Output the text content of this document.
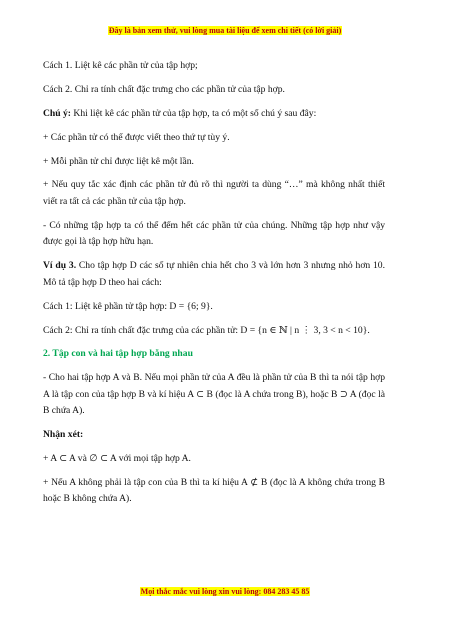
Đây là bản xem thử, vui lòng mua tài liệu để xem chi tiết (có lời giải)

Cách 1. Liệt kê các phần tử của tập hợp;

Cách 2. Chỉ ra tính chất đặc trưng cho các phần tử của tập hợp.

Chú ý: Khi liệt kê các phần tử của tập hợp, ta có một số chú ý sau đây:

+ Các phần tử có thể được viết theo thứ tự tùy ý.

+ Mỗi phần tử chỉ được liệt kê một lần.

+ Nếu quy tắc xác định các phần tử đủ rõ thì người ta dùng “…” mà không nhất thiết viết ra tất cả các phần tử của tập hợp.

- Có những tập hợp ta có thể đếm hết các phần tử của chúng. Những tập hợp như vậy được gọi là tập hợp hữu hạn.

Ví dụ 3. Cho tập hợp D các số tự nhiên chia hết cho 3 và lớn hơn 3 nhưng nhỏ hơn 10. Mô tả tập hợp D theo hai cách:

Cách 1: Liệt kê phần tử tập hợp: D = {6; 9}.

Cách 2: Chỉ ra tính chất đặc trưng của các phần tử: D = {n ∈ ℕ | n ⋮ 3, 3 < n < 10}.

2. Tập con và hai tập hợp bằng nhau

- Cho hai tập hợp A và B. Nếu mọi phần tử của A đều là phần tử của B thì ta nói tập hợp A là tập con của tập hợp B và kí hiệu A ⊂ B (đọc là A chứa trong B), hoặc B ⊃ A (đọc là B chứa A).

Nhận xét:

+ A ⊂ A và ∅ ⊂ A với mọi tập hợp A.

+ Nếu A không phải là tập con của B thì ta kí hiệu A ⊄ B (đọc là A không chứa trong B hoặc B không chứa A).

Mọi thắc mắc vui lòng xin vui lòng: 084 283 45 85
